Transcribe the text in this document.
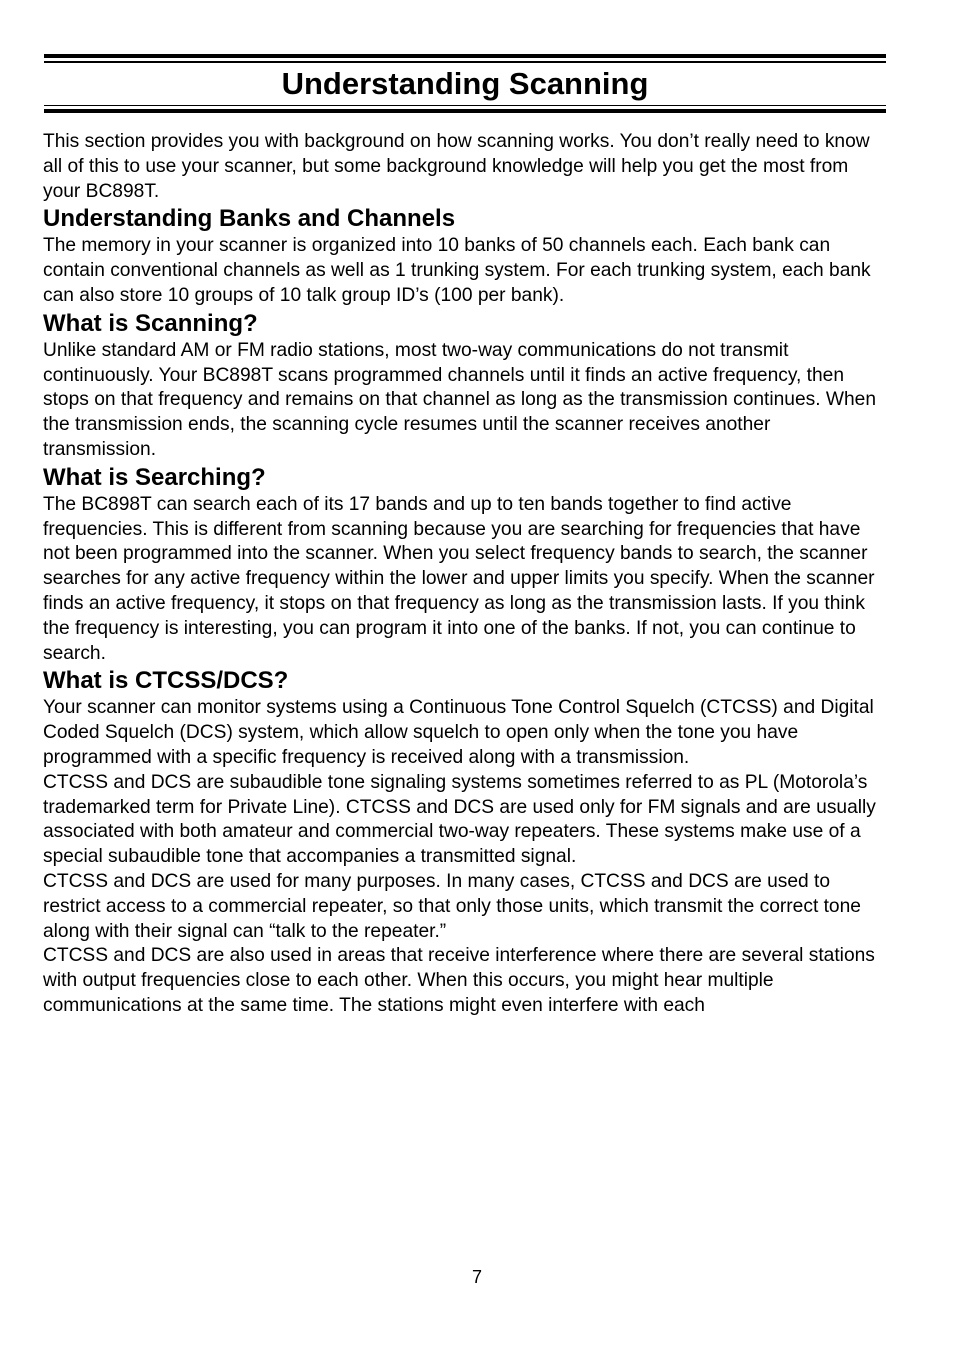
Understanding Scanning

This section provides you with background on how scanning works. You don’t really need to know all of this to use your scanner, but some background knowledge will help you get the most from your BC898T.

Understanding Banks and Channels

The memory in your scanner is organized into 10 banks of 50 channels each. Each bank can contain conventional channels as well as 1 trunking system. For each trunking system, each bank can also store 10 groups of 10 talk group ID’s (100 per bank).

What is Scanning?

Unlike standard AM or FM radio stations, most two-way communications do not transmit continuously. Your BC898T scans programmed channels until it finds an active frequency, then stops on that frequency and remains on that channel as long as the transmission continues. When the transmission ends, the scanning cycle resumes until the scanner receives another transmission.

What is Searching?

The BC898T can search each of its 17 bands and up to ten bands together to find active frequencies. This is different from scanning because you are searching for frequencies that have not been programmed into the scanner. When you select frequency bands to search, the scanner searches for any active frequency within the lower and upper limits you specify. When the scanner finds an active frequency, it stops on that frequency as long as the transmission lasts. If you think the frequency is interesting, you can program it into one of the banks. If not, you can continue to search.

What is CTCSS/DCS?

Your scanner can monitor systems using a Continuous Tone Control Squelch (CTCSS) and Digital Coded Squelch (DCS) system, which allow squelch to open only when the tone you have programmed with a specific frequency is received along with a transmission.

CTCSS and DCS are subaudible tone signaling systems sometimes referred to as PL (Motorola’s trademarked term for Private Line). CTCSS and DCS are used only for FM signals and are usually associated with both amateur and commercial two-way repeaters. These systems make use of a special subaudible tone that accompanies a transmitted signal.

CTCSS and DCS are used for many purposes. In many cases, CTCSS and DCS are used to restrict access to a commercial repeater, so that only those units, which transmit the correct tone along with their signal can “talk to the repeater.”

CTCSS and DCS are also used in areas that receive interference where there are several stations with output frequencies close to each other. When this occurs, you might hear multiple communications at the same time. The stations might even interfere with each

7
